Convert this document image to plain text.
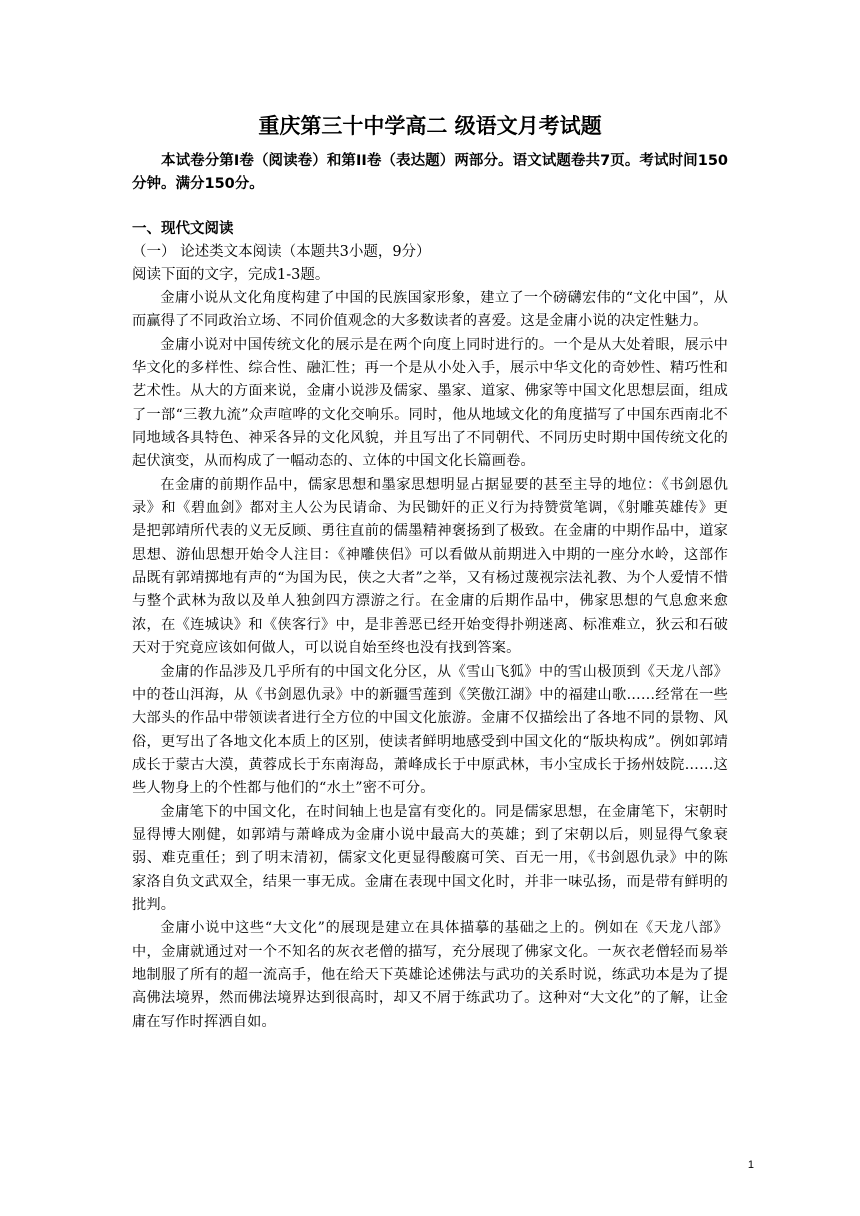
重庆第三十中学高二 级语文月考试题

本试卷分第Ⅰ卷（阅读卷）和第II卷（表达题）两部分。语文试题卷共7页。考试时间150分钟。满分150分。

一、现代文阅读

（一） 论述类文本阅读（本题共3小题，9分）

阅读下面的文字，完成1-3题。

金庸小说从文化角度构建了中国的民族国家形象，建立了一个磅礴宏伟的“文化中国”，从而赢得了不同政治立场、不同价值观念的大多数读者的喜爱。这是金庸小说的决定性魅力。

金庸小说对中国传统文化的展示是在两个向度上同时进行的。一个是从大处着眼，展示中华文化的多样性、综合性、融汇性；再一个是从小处入手，展示中华文化的奇妙性、精巧性和艺术性。从大的方面来说，金庸小说涉及儒家、墨家、道家、佛家等中国文化思想层面，组成了一部“三教九流”众声喧哗的文化交响乐。同时，他从地域文化的角度描写了中国东西南北不同地域各具特色、神采各异的文化风貌，并且写出了不同朝代、不同历史时期中国传统文化的起伏演变，从而构成了一幅动态的、立体的中国文化长篇画卷。

在金庸的前期作品中，儒家思想和墨家思想明显占据显要的甚至主导的地位：《书剑恩仇录》和《碧血剑》都对主人公为民请命、为民锄奸的正义行为持赞赏笔调，《射雕英雄传》更是把郭靖所代表的义无反顾、勇往直前的儒墨精神褒扬到了极致。在金庸的中期作品中，道家思想、游仙思想开始令人注目：《神雕侠侣》可以看做从前期进入中期的一座分水岭，这部作品既有郭靖掷地有声的“为国为民，侠之大者”之举，又有杨过蔑视宗法礼教、为个人爱情不惜与整个武林为敌以及单人独剑四方漂游之行。在金庸的后期作品中，佛家思想的气息愈来愈浓，在《连城诀》和《侠客行》中，是非善恶已经开始变得扑朔迷离、标准难立，狄云和石破天对于究竟应该如何做人，可以说自始至终也没有找到答案。

金庸的作品涉及几乎所有的中国文化分区，从《雪山飞狐》中的雪山极顶到《天龙八部》中的苍山洱海，从《书剑恩仇录》中的新疆雪莲到《笑傲江湖》中的福建山歌……经常在一些大部头的作品中带领读者进行全方位的中国文化旅游。金庸不仅描绘出了各地不同的景物、风俗，更写出了各地文化本质上的区别，使读者鲜明地感受到中国文化的“版块构成”。例如郭靖成长于蒙古大漠，黄蓉成长于东南海岛，萧峰成长于中原武林，韦小宝成长于扬州妓院……这些人物身上的个性都与他们的“水土”密不可分。

金庸笔下的中国文化，在时间轴上也是富有变化的。同是儒家思想，在金庸笔下，宋朝时显得博大刚健，如郭靖与萧峰成为金庸小说中最高大的英雄；到了宋朝以后，则显得气象衰弱、难克重任；到了明末清初，儒家文化更显得酸腐可笑、百无一用，《书剑恩仇录》中的陈家洛自负文武双全，结果一事无成。金庸在表现中国文化时，并非一味弘扬，而是带有鲜明的批判。

金庸小说中这些“大文化”的展现是建立在具体描摹的基础之上的。例如在《天龙八部》中，金庸就通过对一个不知名的灰衣老僧的描写，充分展现了佛家文化。一灰衣老僧轻而易举地制服了所有的超一流高手，他在给天下英雄论述佛法与武功的关系时说，练武功本是为了提高佛法境界，然而佛法境界达到很高时，却又不屑于练武功了。这种对“大文化”的了解，让金庸在写作时挥洒自如。

1
